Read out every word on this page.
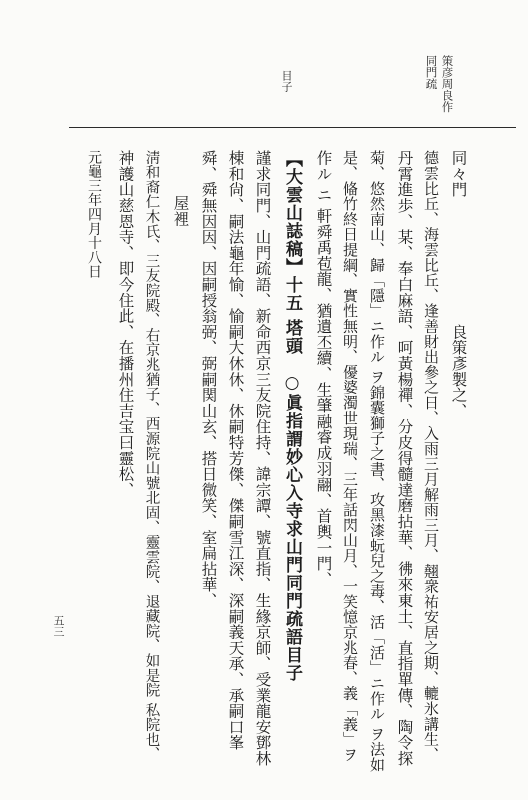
策彦周良作
同門疏
目子
同々門　　　　　　　　良策彥製之、
德雲比丘、海雲比丘、逢善財出參之日、入雨三月解雨三月、翹衆祐安居之期、轆氷講生、
丹霄進歩、某、奉白麻語、呵黃楊禪、分皮得髓達磨拈華、彿來東土、直指單傳、陶令探
菊、悠然南山、歸「隱」ニ作ル ヲ錦囊獅子之書、攻黑漆蚖兒之毒、活「活」ニ作ル ヲ法如
是、偹竹終日提綱、實性無明、優婆濁世現瑞、三年話閃山月、一笑憶京兆春、義「義」ヲ
作ル ニ 軒舜禹苞龍、猶遺丕續、生肇融睿成羽翮、首輿一門、
【大雲山誌稿】十五 塔頭　○眞指謂妙心入寺求山門同門疏語目子
謹求同門、山門疏語、新命西京三友院住持、諱宗譚、號直指、生緣京師、受業龍安鄧林
棟和尙、嗣法龜年愉、愉嗣大休休、休嗣特芳傑、傑嗣雪江深、深嗣義天承、承嗣口峯
舜、舜無因因、因嗣授翁弼、弼嗣関山玄、搭日微笑、室扁拈華、
屋裡
淸和裔仁木氏、三友院殿、右京兆猶子、西源院山號北固、靈雲院、退藏院、如是院 私院也、
神護山慈恩寺、即今住此、在播州住吉宝曰靈松、
元龜三年四月十八日
五三
